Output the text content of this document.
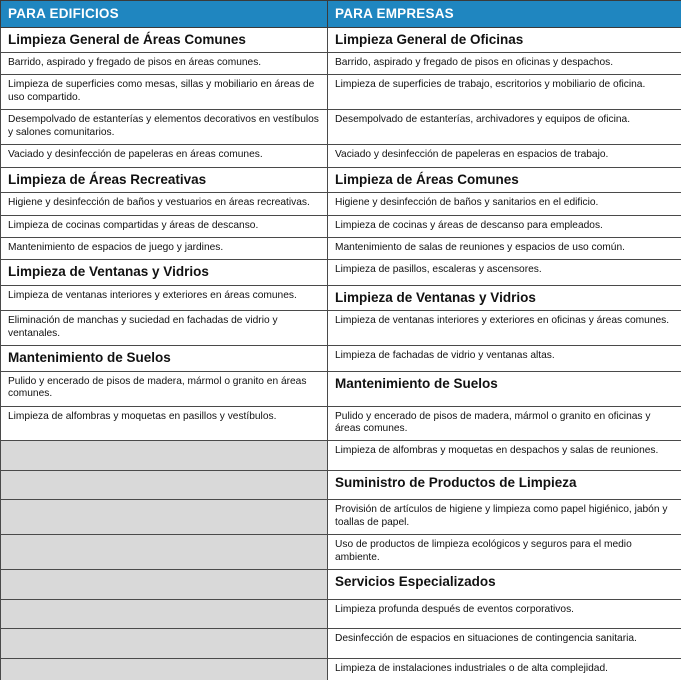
PARA EDIFICIOS	PARA EMPRESAS
Limpieza General de Áreas Comunes	Limpieza General de Oficinas
Barrido, aspirado y fregado de pisos en áreas comunes.	Barrido, aspirado y fregado de pisos en oficinas y despachos.
Limpieza de superficies como mesas, sillas y mobiliario en áreas de uso compartido.	Limpieza de superficies de trabajo, escritorios y mobiliario de oficina.
Desempolvado de estanterías y elementos decorativos en vestíbulos y salones comunitarios.	Desempolvado de estanterías, archivadores y equipos de oficina.
Vaciado y desinfección de papeleras en áreas comunes.	Vaciado y desinfección de papeleras en espacios de trabajo.
Limpieza de Áreas Recreativas	Limpieza de Áreas Comunes
Higiene y desinfección de baños y vestuarios en áreas recreativas.	Higiene y desinfección de baños y sanitarios en el edificio.
Limpieza de cocinas compartidas y áreas de descanso.	Limpieza de cocinas y áreas de descanso para empleados.
Mantenimiento de espacios de juego y jardines.	Mantenimiento de salas de reuniones y espacios de uso común.
Limpieza de Ventanas y Vidrios	Limpieza de pasillos, escaleras y ascensores.
Limpieza de ventanas interiores y exteriores en áreas comunes.	Limpieza de Ventanas y Vidrios
Eliminación de manchas y suciedad en fachadas de vidrio y ventanales.	Limpieza de ventanas interiores y exteriores en oficinas y áreas comunes.
Mantenimiento de Suelos	Limpieza de fachadas de vidrio y ventanas altas.
Pulido y encerado de pisos de madera, mármol o granito en áreas comunes.	Mantenimiento de Suelos
Limpieza de alfombras y moquetas en pasillos y vestíbulos.	Pulido y encerado de pisos de madera, mármol o granito en oficinas y áreas comunes.
	Limpieza de alfombras y moquetas en despachos y salas de reuniones.
	Suministro de Productos de Limpieza
	Provisión de artículos de higiene y limpieza como papel higiénico, jabón y toallas de papel.
	Uso de productos de limpieza ecológicos y seguros para el medio ambiente.
	Servicios Especializados
	Limpieza profunda después de eventos corporativos.
	Desinfección de espacios en situaciones de contingencia sanitaria.
	Limpieza de instalaciones industriales o de alta complejidad.
